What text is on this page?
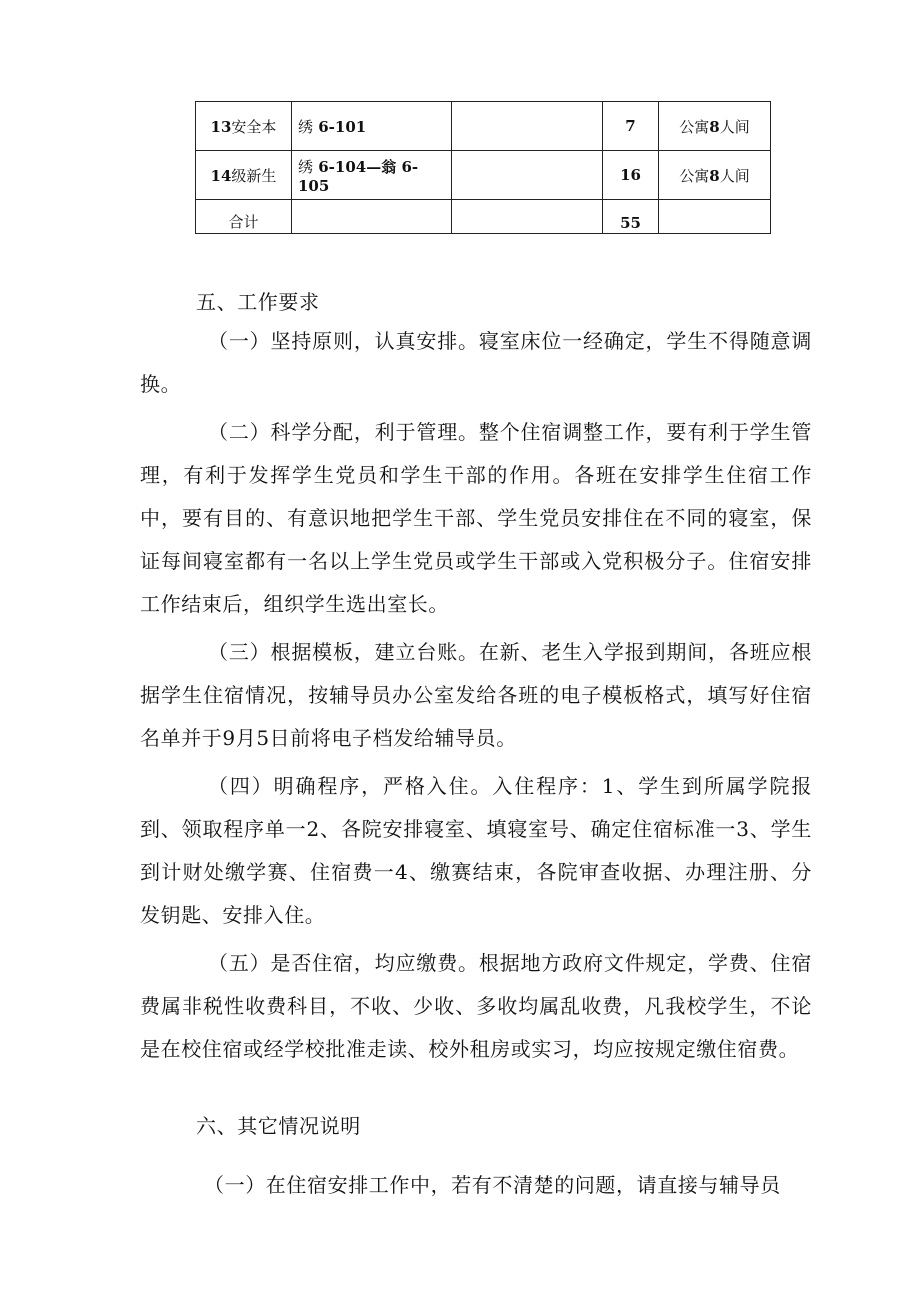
13安全本	绣 6-101		7	公寓8人间
14级新生	绣 6-104—翁 6-105		16	公寓8人间
合计			55	
五、工作要求

（一）坚持原则，认真安排。寝室床位一经确定，学生不得随意调换。

（二）科学分配，利于管理。整个住宿调整工作，要有利于学生管理，有利于发挥学生党员和学生干部的作用。各班在安排学生住宿工作中，要有目的、有意识地把学生干部、学生党员安排住在不同的寝室，保证每间寝室都有一名以上学生党员或学生干部或入党积极分子。住宿安排工作结束后，组织学生选出室长。

（三）根据模板，建立台账。在新、老生入学报到期间，各班应根据学生住宿情况，按辅导员办公室发给各班的电子模板格式，填写好住宿名单并于9月5日前将电子档发给辅导员。

（四）明确程序，严格入住。入住程序：1、学生到所属学院报到、领取程序单一2、各院安排寝室、填寝室号、确定住宿标准一3、学生到计财处缴学赛、住宿费一4、缴赛结束，各院审查收据、办理注册、分发钥匙、安排入住。

（五）是否住宿，均应缴费。根据地方政府文件规定，学费、住宿费属非税性收费科目，不收、少收、多收均属乱收费，凡我校学生，不论是在校住宿或经学校批准走读、校外租房或实习，均应按规定缴住宿费。

六、其它情况说明

（一）在住宿安排工作中，若有不清楚的问题，请直接与辅导员
